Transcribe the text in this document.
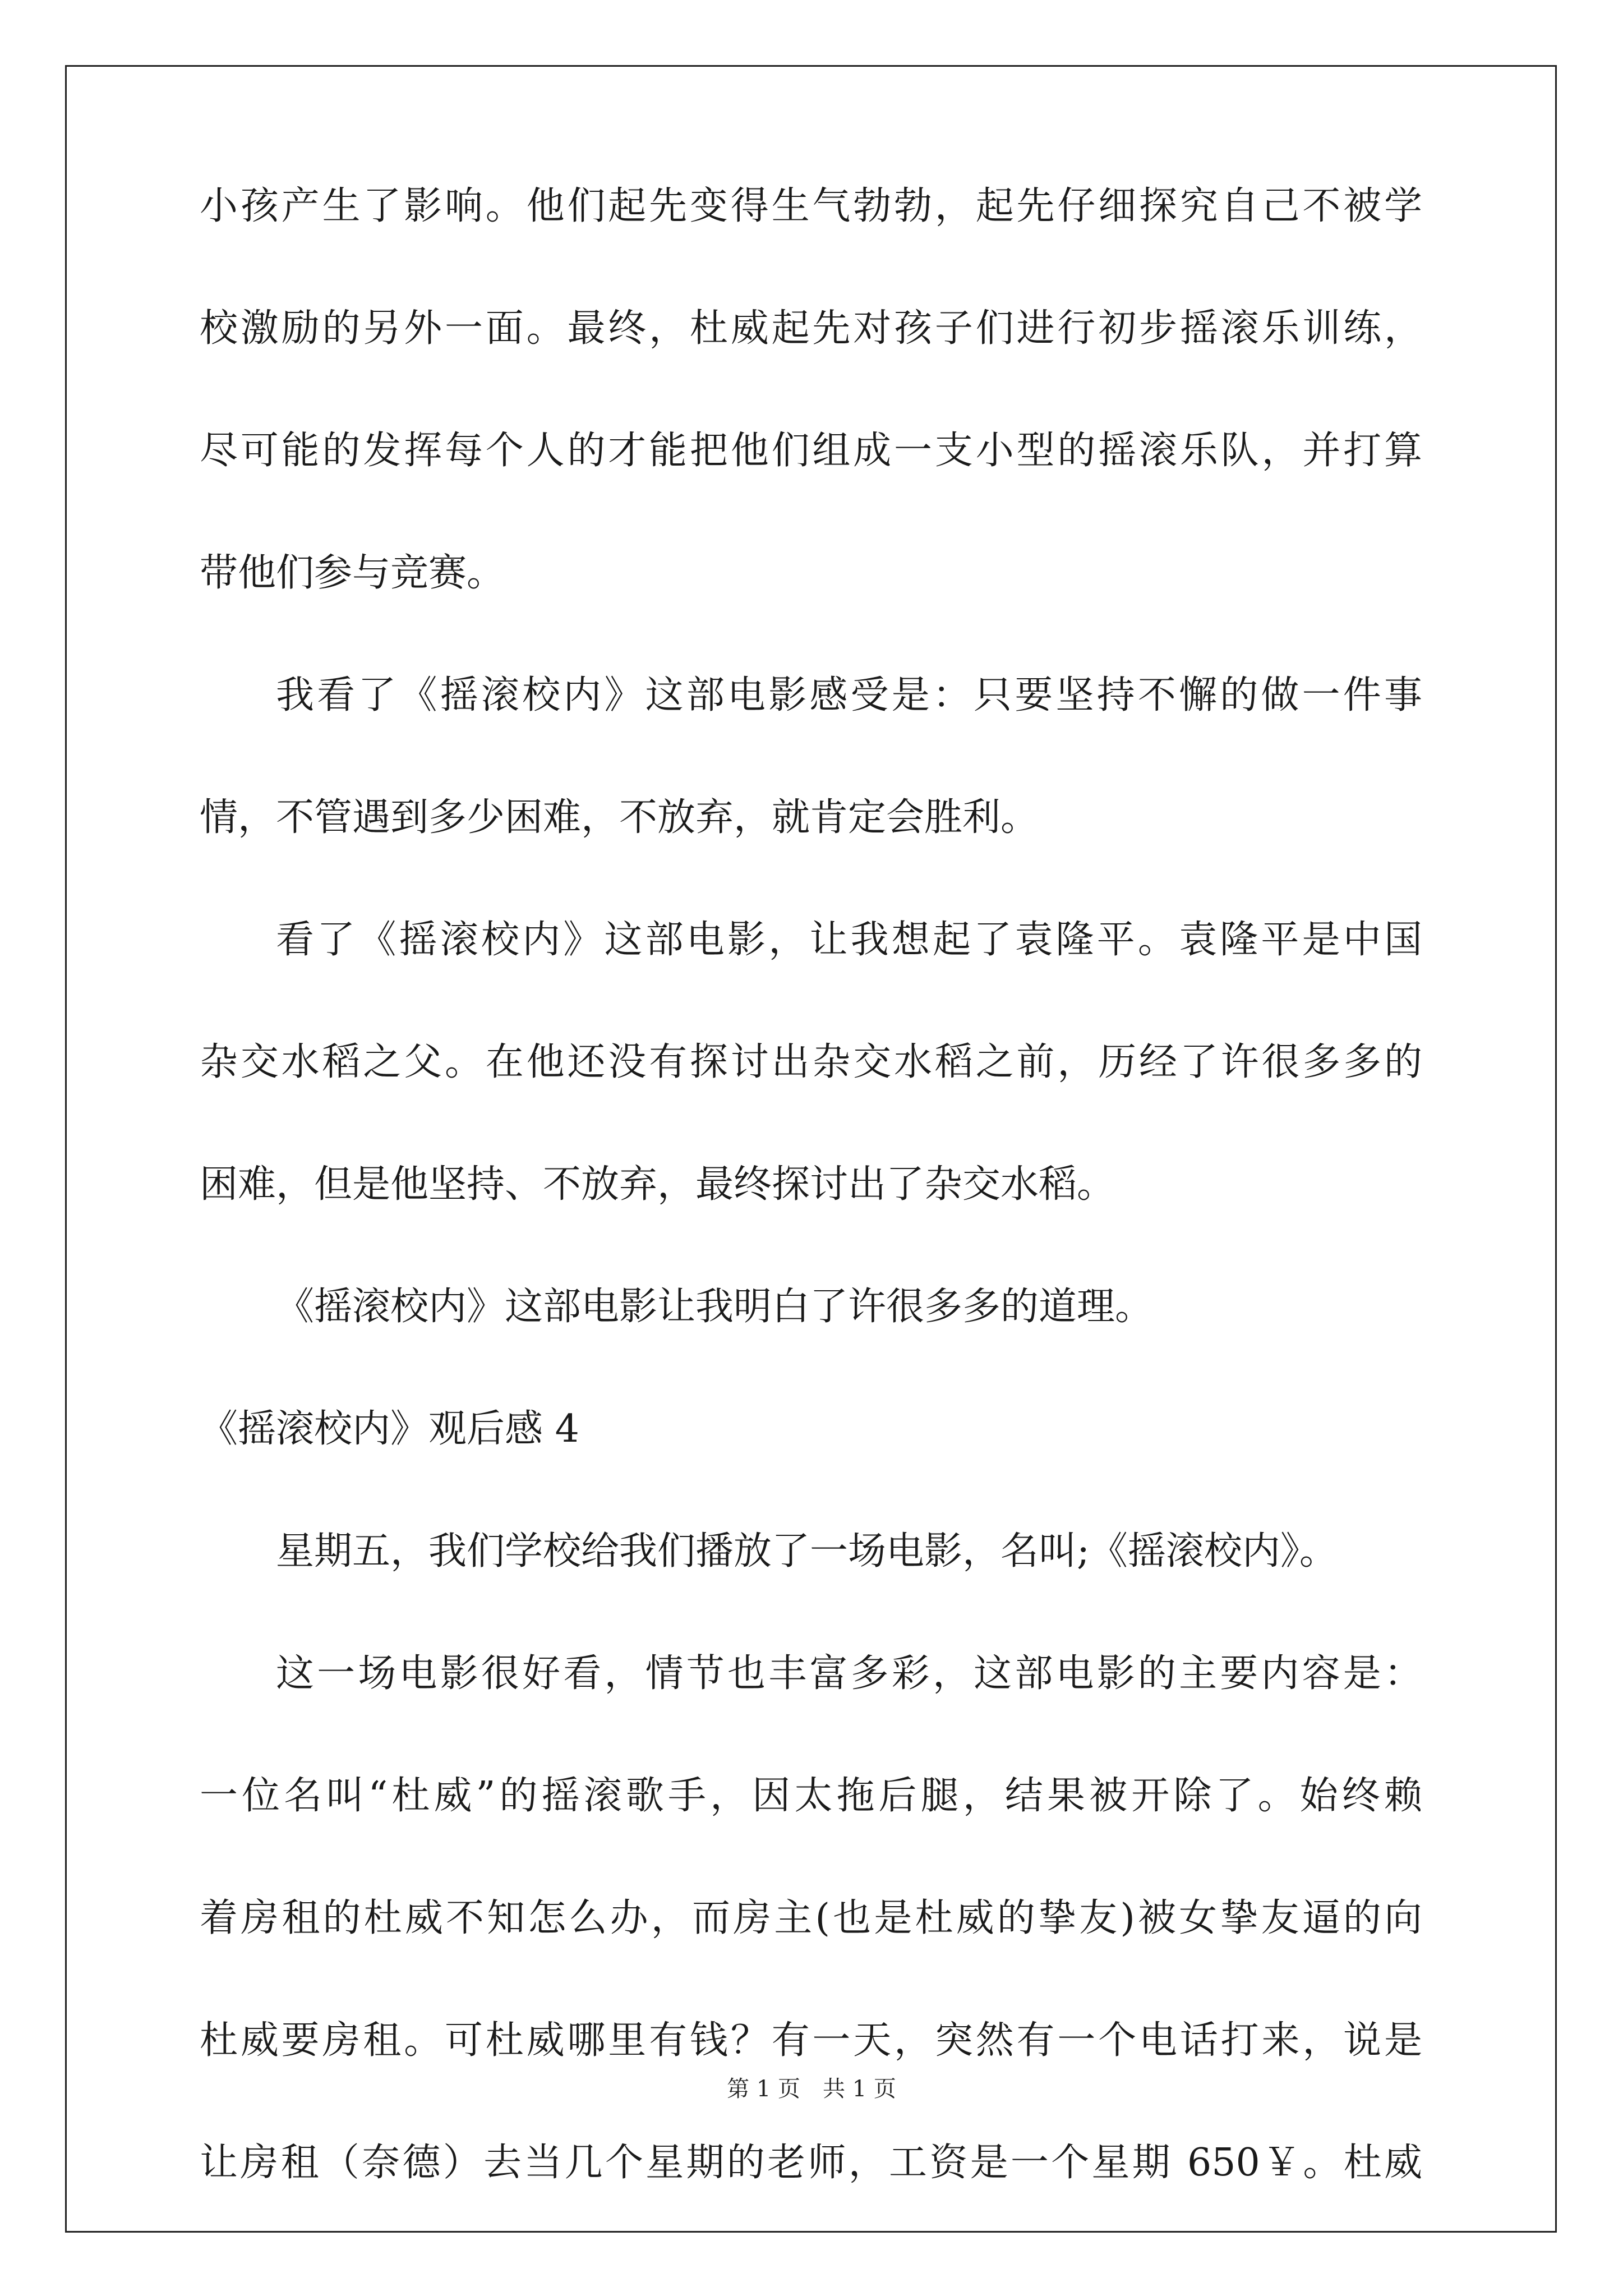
小孩产生了影响。他们起先变得生气勃勃，起先仔细探究自己不被学
校激励的另外一面。最终，杜威起先对孩子们进行初步摇滚乐训练，
尽可能的发挥每个人的才能把他们组成一支小型的摇滚乐队，并打算
带他们参与竞赛。
我看了《摇滚校内》这部电影感受是：只要坚持不懈的做一件事
情，不管遇到多少困难，不放弃，就肯定会胜利。
看了《摇滚校内》这部电影，让我想起了袁隆平。袁隆平是中国
杂交水稻之父。在他还没有探讨出杂交水稻之前，历经了许很多多的
困难，但是他坚持、不放弃，最终探讨出了杂交水稻。
《摇滚校内》这部电影让我明白了许很多多的道理。
《摇滚校内》观后感 4
星期五，我们学校给我们播放了一场电影，名叫;《摇滚校内》。
这一场电影很好看，情节也丰富多彩，这部电影的主要内容是：
一位名叫“杜威”的摇滚歌手，因太拖后腿，结果被开除了。始终赖
着房租的杜威不知怎么办，而房主(也是杜威的挚友)被女挚友逼的向
杜威要房租。可杜威哪里有钱？有一天，突然有一个电话打来，说是
让房租（奈德）去当几个星期的老师，工资是一个星期 650￥。杜威
第 1 页　共 1 页
